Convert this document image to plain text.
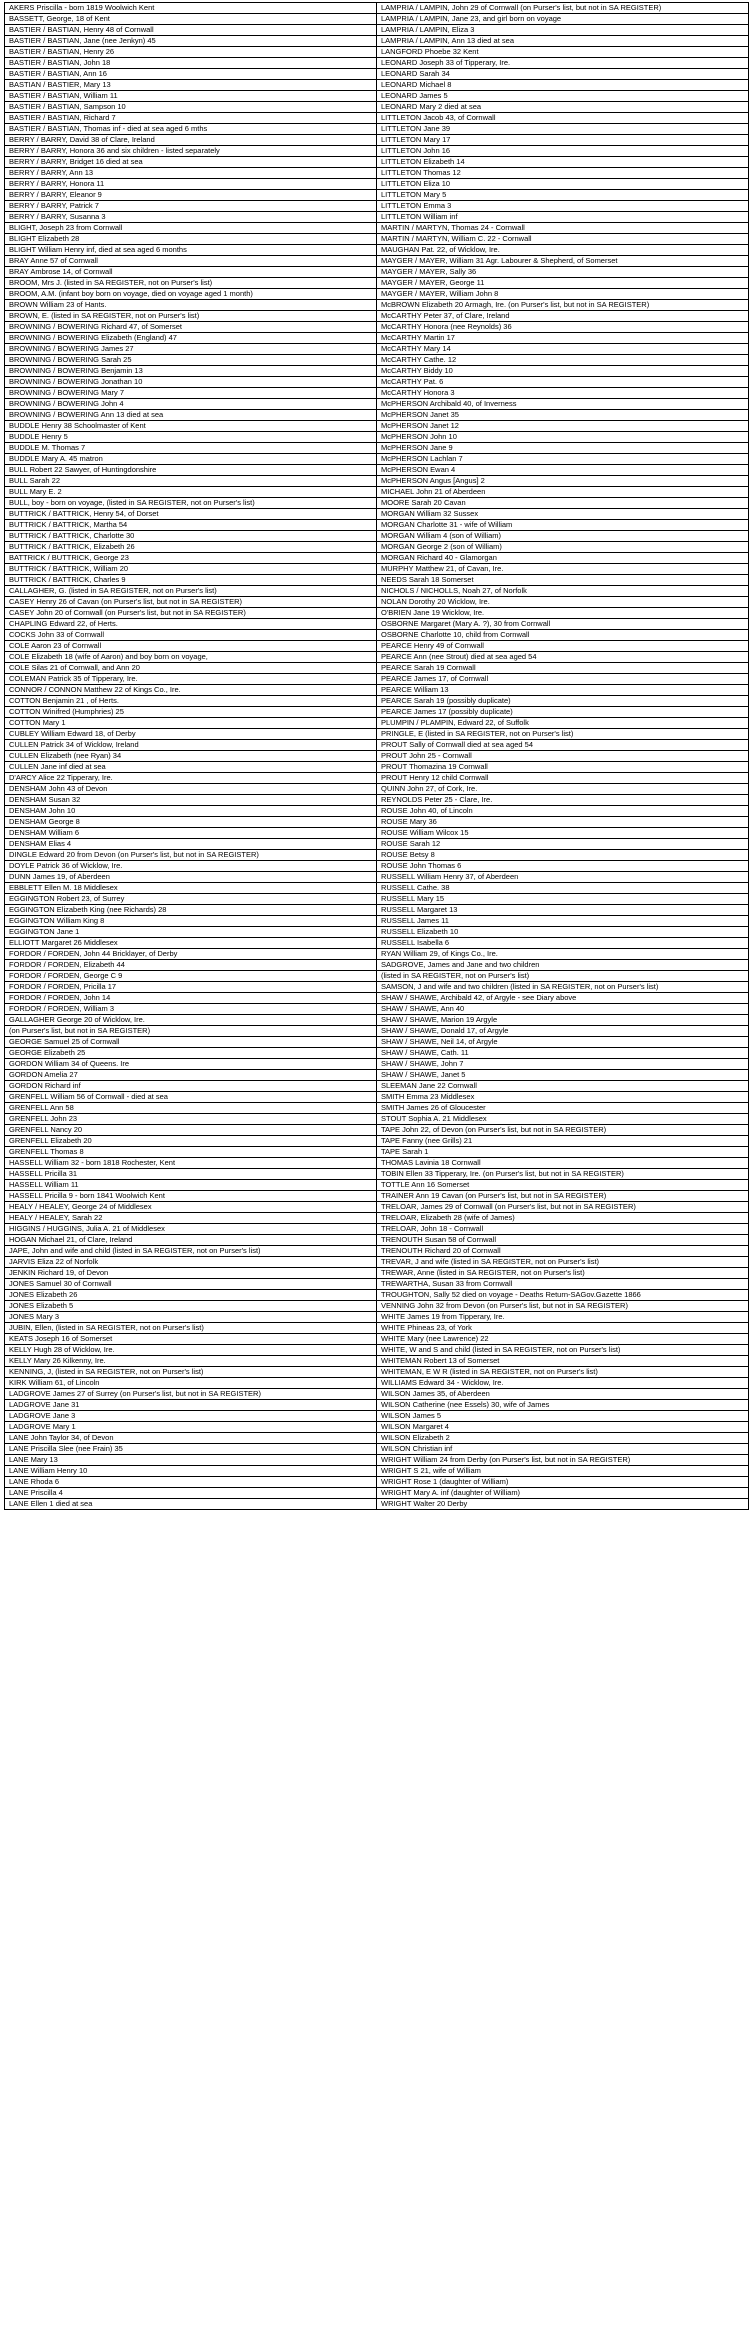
AKERS Priscilla - born 1819 Woolwich Kent	LAMPRIA / LAMPIN, John 29 of Cornwall (on Purser's list, but not in SA REGISTER)
BASSETT, George, 18 of Kent	LAMPRIA / LAMPIN, Jane 23, and girl born on voyage
BASTIER / BASTIAN, Henry 48 of Cornwall	LAMPRIA / LAMPIN, Eliza 3
BASTIER / BASTIAN, Jane (nee Jenkyn) 45	LAMPRIA / LAMPIN, Ann 13 died at sea
BASTIER / BASTIAN, Henry 26	LANGFORD Phoebe 32 Kent
BASTIER / BASTIAN, John 18	LEONARD Joseph 33 of Tipperary, Ire.
BASTIER / BASTIAN, Ann 16	LEONARD Sarah 34
BASTIAN / BASTIER, Mary 13	LEONARD Michael 8
BASTIER / BASTIAN, William 11	LEONARD James 5
BASTIER / BASTIAN, Sampson 10	LEONARD Mary 2 died at sea
BASTIER / BASTIAN, Richard 7	LITTLETON Jacob 43, of Cornwall
BASTIER / BASTIAN, Thomas inf - died at sea aged 6 mths	LITTLETON Jane 39
BERRY / BARRY, David 38 of Clare, Ireland	LITTLETON Mary 17
BERRY / BARRY, Honora 36 and six children - listed separately	LITTLETON John 16
BERRY / BARRY, Bridget 16 died at sea	LITTLETON Elizabeth 14
BERRY / BARRY, Ann 13	LITTLETON Thomas 12
BERRY / BARRY, Honora 11	LITTLETON Eliza 10
BERRY / BARRY, Eleanor 9	LITTLETON Mary 5
BERRY / BARRY, Patrick 7	LITTLETON Emma 3
BERRY / BARRY, Susanna 3	LITTLETON William inf
BLIGHT, Joseph 23 from Cornwall	MARTIN / MARTYN, Thomas 24 - Cornwall
BLIGHT Elizabeth 28	MARTIN / MARTYN, William C. 22 - Cornwall
BLIGHT William Henry inf, died at sea aged 6 months	MAUGHAN Pat. 22, of Wicklow, Ire.
BRAY Anne 57 of Cornwall	MAYGER / MAYER, William 31 Agr. Labourer & Shepherd, of Somerset
BRAY Ambrose 14, of Cornwall	MAYGER / MAYER, Sally 36
BROOM, Mrs J. (listed in SA REGISTER, not on Purser's list)	MAYGER / MAYER, George 11
BROOM, A.M. (infant boy born on voyage, died on voyage aged 1 month)	MAYGER / MAYER, William John 8
BROWN William 23 of Hants.	McBROWN Elizabeth 20 Armagh, Ire. (on Purser's list, but not in SA REGISTER)
BROWN, E. (listed in SA REGISTER, not on Purser's list)	McCARTHY Peter 37, of Clare, Ireland
BROWNING / BOWERING Richard 47, of Somerset	McCARTHY Honora (nee Reynolds) 36
BROWNING / BOWERING Elizabeth (England) 47	McCARTHY Martin 17
BROWNING / BOWERING James 27	McCARTHY Mary 14
BROWNING / BOWERING Sarah 25	McCARTHY Cathe. 12
BROWNING / BOWERING Benjamin 13	McCARTHY Biddy 10
BROWNING / BOWERING Jonathan 10	McCARTHY Pat. 6
BROWNING / BOWERING Mary 7	McCARTHY Honora 3
BROWNING / BOWERING John 4	McPHERSON Archibald 40, of Inverness
BROWNING / BOWERING Ann 13 died at sea	McPHERSON Janet 35
BUDDLE Henry 38 Schoolmaster of Kent	McPHERSON Janet 12
BUDDLE Henry 5	McPHERSON John 10
BUDDLE M. Thomas 7	McPHERSON Jane 9
BUDDLE Mary A. 45 matron	McPHERSON Lachlan 7
BULL Robert 22 Sawyer, of Huntingdonshire	McPHERSON Ewan 4
BULL Sarah 22	McPHERSON Angus [Angus] 2
BULL Mary E. 2	MICHAEL John 21 of Aberdeen
BULL, boy - born on voyage, (listed in SA REGISTER, not on Purser's list)	MOORE Sarah 20 Cavan
BUTTRICK / BATTRICK, Henry 54, of Dorset	MORGAN William 32 Sussex
BUTTRICK / BATTRICK, Martha 54	MORGAN Charlotte 31 - wife of William
BUTTRICK / BATTRICK, Charlotte 30	MORGAN William 4 (son of William)
BUTTRICK / BATTRICK, Elizabeth 26	MORGAN George 2 (son of William)
BATTRICK / BUTTRICK, George 23	MORGAN Richard 40 - Glamorgan
BUTTRICK / BATTRICK, William 20	MURPHY Matthew 21, of Cavan, Ire.
BUTTRICK / BATTRICK, Charles 9	NEEDS Sarah 18 Somerset
CALLAGHER, G. (listed in SA REGISTER, not on Purser's list)	NICHOLS / NICHOLLS, Noah 27, of Norfolk
CASEY Henry 26 of Cavan (on Purser's list, but not in SA REGISTER)	NOLAN Dorothy 20 Wicklow, Ire.
CASEY John 20 of Cornwall (on Purser's list, but not in SA REGISTER)	O'BRIEN Jane 19 Wicklow, Ire.
CHAPLING Edward 22, of Herts.	OSBORNE Margaret (Mary A. ?), 30 from Cornwall
COCKS John 33 of Cornwall	OSBORNE Charlotte 10, child from Cornwall
COLE Aaron 23 of Cornwall	PEARCE Henry 49 of Cornwall
COLE Elizabeth 18 (wife of Aaron) and boy born on voyage,	PEARCE Ann (nee Strout) died at sea aged 54
COLE Silas 21 of Cornwall, and Ann 20	PEARCE Sarah 19 Cornwall
COLEMAN Patrick 35 of Tipperary, Ire.	PEARCE James 17, of Cornwall
CONNOR / CONNON Matthew 22 of Kings Co., Ire.	PEARCE William 13
COTTON Benjamin 21 , of Herts.	PEARCE Sarah 19 (possibly duplicate)
COTTON Winifred (Humphries) 25	PEARCE James 17 (possibly duplicate)
COTTON Mary 1	PLUMPIN / PLAMPIN, Edward 22, of Suffolk
CUBLEY William Edward 18, of Derby	PRINGLE, E (listed in SA REGISTER, not on Purser's list)
CULLEN Patrick 34 of Wicklow, Ireland	PROUT Sally of Cornwall died at sea aged 54
CULLEN Elizabeth (nee Ryan) 34	PROUT John 25 - Cornwall
CULLEN Jane inf died at sea	PROUT Thomazina 19 Cornwall
D'ARCY Alice 22 Tipperary, Ire.	PROUT Henry 12 child Cornwall
DENSHAM John 43 of Devon	QUINN John 27, of Cork, Ire.
DENSHAM Susan 32	REYNOLDS Peter 25 - Clare, Ire.
DENSHAM John 10	ROUSE John 40, of Lincoln
DENSHAM George 8	ROUSE Mary 36
DENSHAM William 6	ROUSE William Wilcox 15
DENSHAM Elias 4	ROUSE Sarah 12
DINGLE Edward 20 from Devon (on Purser's list, but not in SA REGISTER)	ROUSE Betsy 8
DOYLE Patrick 36 of Wicklow, Ire.	ROUSE John Thomas 6
DUNN James 19, of Aberdeen	RUSSELL William Henry 37, of Aberdeen
EBBLETT Ellen M. 18 Middlesex	RUSSELL Cathe. 38
EGGINGTON Robert 23, of Surrey	RUSSELL Mary 15
EGGINGTON Elizabeth King (nee Richards) 28	RUSSELL Margaret 13
EGGINGTON William King 8	RUSSELL James 11
EGGINGTON Jane 1	RUSSELL Elizabeth 10
ELLIOTT Margaret 26 Middlesex	RUSSELL Isabella 6
FORDOR / FORDEN, John 44 Bricklayer, of Derby	RYAN William 29, of Kings Co., Ire.
FORDOR / FORDEN, Elizabeth 44	SADGROVE, James and Jane and two children
FORDOR / FORDEN, George C 9	(listed in SA REGISTER, not on Purser's list)
FORDOR / FORDEN, Pricilla 17	SAMSON, J and wife and two children (listed in SA REGISTER, not on Purser's list)
FORDOR / FORDEN, John 14	SHAW / SHAWE, Archibald 42, of Argyle - see Diary above
FORDOR / FORDEN, William 3	SHAW / SHAWE, Ann 40
GALLAGHER George 20 of Wicklow, Ire.	SHAW / SHAWE, Marion 19 Argyle
(on Purser's list, but not in SA REGISTER)	SHAW / SHAWE, Donald 17, of Argyle
GEORGE Samuel 25 of Cornwall	SHAW / SHAWE, Neil 14, of Argyle
GEORGE Elizabeth 25	SHAW / SHAWE, Cath. 11
GORDON William 34 of Queens. Ire	SHAW / SHAWE, John 7
GORDON Amelia 27	SHAW / SHAWE, Janet 5
GORDON Richard inf	SLEEMAN Jane 22 Cornwall
GRENFELL William 56 of Cornwall - died at sea	SMITH Emma 23 Middlesex
GRENFELL Ann 58	SMITH James 26 of Gloucester
GRENFELL John 23	STOUT Sophia A. 21 Middlesex
GRENFELL Nancy 20	TAPE John 22, of Devon (on Purser's list, but not in SA REGISTER)
GRENFELL Elizabeth 20	TAPE Fanny (nee Grills) 21
GRENFELL Thomas 8	TAPE Sarah 1
HASSELL William 32 - born 1818 Rochester, Kent	THOMAS Lavinia 18 Cornwall
HASSELL Pricilla 31	TOBIN Ellen 33 Tipperary, Ire. (on Purser's list, but not in SA REGISTER)
HASSELL William 11	TOTTLE Ann 16 Somerset
HASSELL Pricilla 9 - born 1841 Woolwich Kent	TRAINER Ann 19 Cavan (on Purser's list, but not in SA REGISTER)
HEALY / HEALEY, George 24 of Middlesex	TRELOAR, James 29 of Cornwall (on Purser's list, but not in SA REGISTER)
HEALY / HEALEY, Sarah 22	TRELOAR, Elizabeth 28 (wife of James)
HIGGINS / HUGGINS, Julia A. 21 of Middlesex	TRELOAR, John 18 - Cornwall
HOGAN Michael 21, of Clare, Ireland	TRENOUTH Susan 58 of Cornwall
JAPE, John and wife and child (listed in SA REGISTER, not on Purser's list)	TRENOUTH Richard 20 of Cornwall
JARVIS Eliza 22 of Norfolk	TREVAR, J and wife (listed in SA REGISTER, not on Purser's list)
JENKIN Richard 19, of Devon	TREWAR, Anne (listed in SA REGISTER, not on Purser's list)
JONES Samuel 30 of Cornwall	TREWARTHA, Susan 33 from Cornwall
JONES Elizabeth 26	TROUGHTON, Sally 52 died on voyage - Deaths Return-SAGov.Gazette 1866
JONES Elizabeth 5	VENNING John 32 from Devon (on Purser's list, but not in SA REGISTER)
JONES Mary 3	WHITE James 19 from Tipperary, Ire.
JUBIN, Ellen, (listed in SA REGISTER, not on Purser's list)	WHITE Phineas 23, of York
KEATS Joseph 16 of Somerset	WHITE Mary (nee Lawrence) 22
KELLY Hugh 28 of Wicklow, Ire.	WHITE, W and S and child (listed in SA REGISTER, not on Purser's list)
KELLY Mary 26 Kilkenny, Ire.	WHITEMAN Robert 13 of Somerset
KENNING, J, (listed in SA REGISTER, not on Purser's list)	WHITEMAN, E W R (listed in SA REGISTER, not on Purser's list)
KIRK William 61, of Lincoln	WILLIAMS Edward 34 - Wicklow, Ire.
LADGROVE James 27 of Surrey (on Purser's list, but not in SA REGISTER)	WILSON James 35, of Aberdeen
LADGROVE Jane 31	WILSON Catherine (nee Essels) 30, wife of James
LADGROVE Jane 3	WILSON James 5
LADGROVE Mary 1	WILSON Margaret 4
LANE John Taylor 34, of Devon	WILSON Elizabeth 2
LANE Priscilla Slee (nee Frain) 35	WILSON Christian inf
LANE Mary 13	WRIGHT William 24 from Derby (on Purser's list, but not in SA REGISTER)
LANE William Henry 10	WRIGHT S 21, wife of William
LANE Rhoda 6	WRIGHT Rose 1 (daughter of William)
LANE Priscilla 4	WRIGHT Mary A. inf (daughter of William)
LANE Ellen 1 died at sea	WRIGHT Walter 20 Derby
